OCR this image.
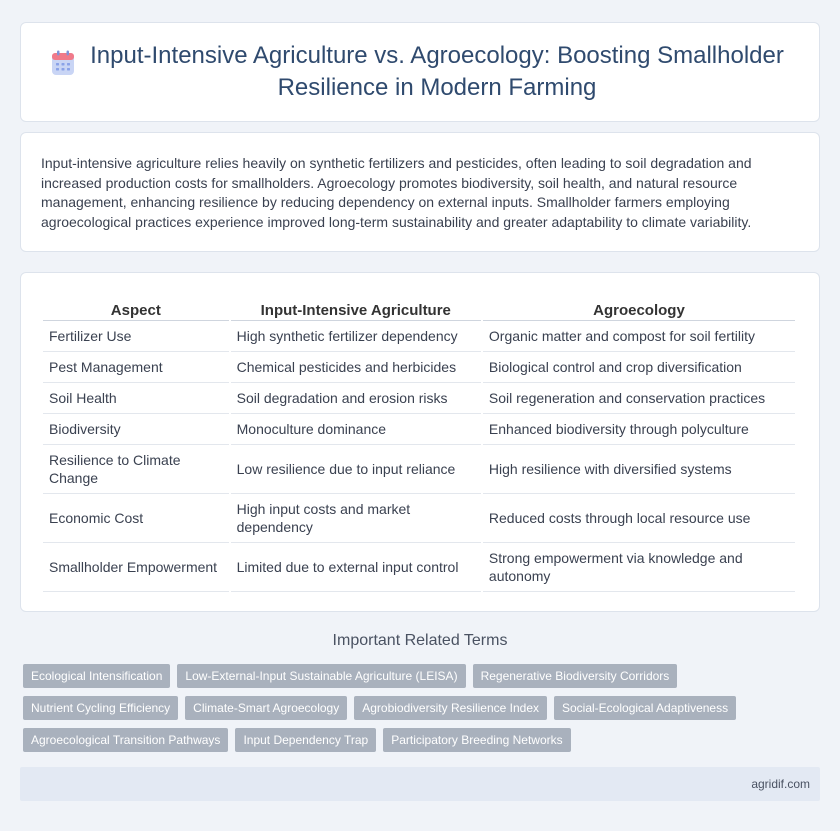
Input-Intensive Agriculture vs. Agroecology: Boosting Smallholder Resilience in Modern Farming

Input-intensive agriculture relies heavily on synthetic fertilizers and pesticides, often leading to soil degradation and increased production costs for smallholders. Agroecology promotes biodiversity, soil health, and natural resource management, enhancing resilience by reducing dependency on external inputs. Smallholder farmers employing agroecological practices experience improved long-term sustainability and greater adaptability to climate variability.

Aspect	Input-Intensive Agriculture	Agroecology
Fertilizer Use	High synthetic fertilizer dependency	Organic matter and compost for soil fertility
Pest Management	Chemical pesticides and herbicides	Biological control and crop diversification
Soil Health	Soil degradation and erosion risks	Soil regeneration and conservation practices
Biodiversity	Monoculture dominance	Enhanced biodiversity through polyculture
Resilience to Climate Change	Low resilience due to input reliance	High resilience with diversified systems
Economic Cost	High input costs and market dependency	Reduced costs through local resource use
Smallholder Empowerment	Limited due to external input control	Strong empowerment via knowledge and autonomy
Important Related Terms
Ecological Intensification	Low-External-Input Sustainable Agriculture (LEISA)	Regenerative Biodiversity Corridors
Nutrient Cycling Efficiency	Climate-Smart Agroecology	Agrobiodiversity Resilience Index	Social-Ecological Adaptiveness
Agroecological Transition Pathways	Input Dependency Trap	Participatory Breeding Networks
agridif.com
